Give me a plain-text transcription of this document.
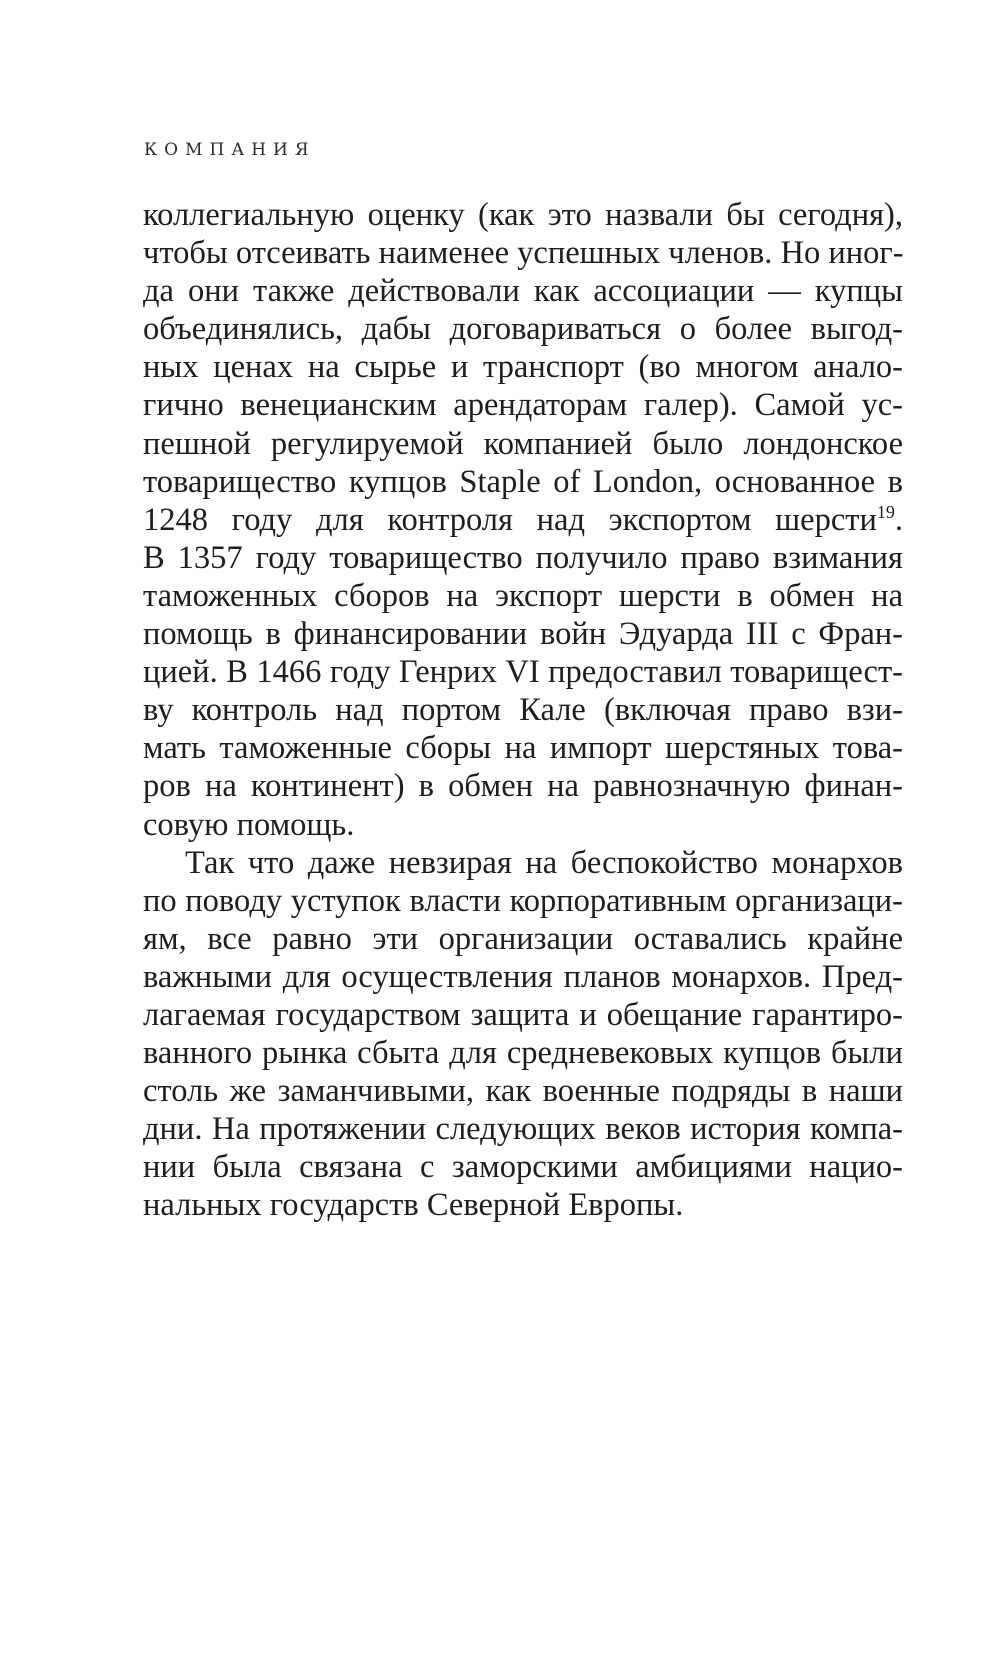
КОМПАНИЯ
коллегиальную оценку (как это назвали бы сегодня),
чтобы отсеивать наименее успешных членов. Но иног-
да они также действовали как ассоциации — купцы
объединялись, дабы договариваться о более выгод-
ных ценах на сырье и транспорт (во многом анало-
гично венецианским арендаторам галер). Самой ус-
пешной регулируемой компанией было лондонское
товарищество купцов Staple of London, основанное в
1248 году для контроля над экспортом шерсти$^{19}$.
В 1357 году товарищество получило право взимания
таможенных сборов на экспорт шерсти в обмен на
помощь в финансировании войн Эдуарда III с Фран-
цией. В 1466 году Генрих VI предоставил товарищест-
ву контроль над портом Кале (включая право взи-
мать таможенные сборы на импорт шерстяных това-
ров на континент) в обмен на равнозначную финан-
совую помощь.
Так что даже невзирая на беспокойство монархов
по поводу уступок власти корпоративным организаци-
ям, все равно эти организации оставались крайне
важными для осуществления планов монархов. Пред-
лагаемая государством защита и обещание гарантиро-
ванного рынка сбыта для средневековых купцов были
столь же заманчивыми, как военные подряды в наши
дни. На протяжении следующих веков история компа-
нии была связана с заморскими амбициями нацио-
нальных государств Северной Европы.
